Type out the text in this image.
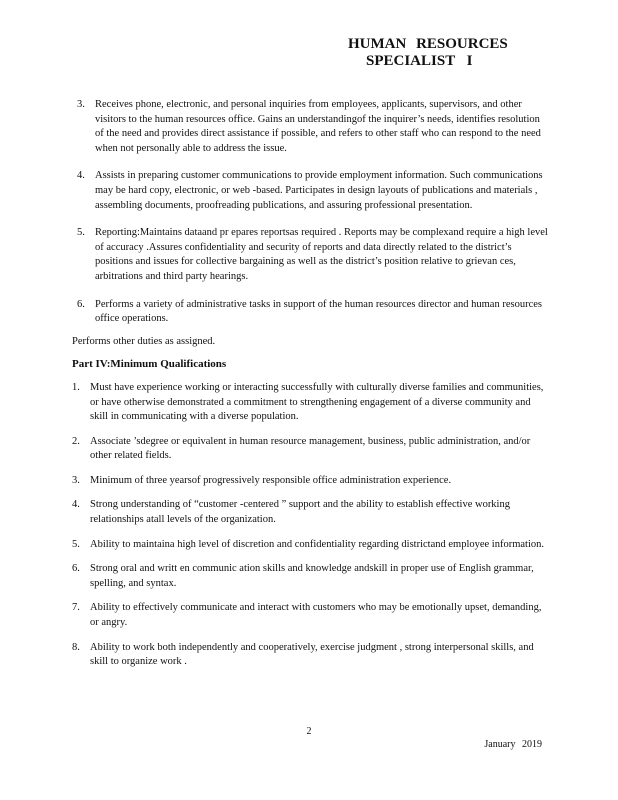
HUMAN RESOURCES
SPECIALIST I
3. Receives phone, electronic, and personal inquiries from employees, applicants, supervisors, and other visitors to the human resources office. Gains an understandingof the inquirer’s needs, identifies resolution of the need and provides direct assistance if possible, and refers to other staff who can respond to the need when not personally able to address the issue.
4. Assists in preparing customer communications to provide employment information. Such communications may be hard copy, electronic, or web -based. Participates in design layouts of publications and materials , assembling documents, proofreading publications, and assuring professional presentation.
5. Reporting:Maintains dataand pr epares reportsas required . Reports may be complexand require a high level of accuracy .Assures confidentiality and security of reports and data directly related to the district’s positions and issues for collective bargaining as well as the district’s position relative to grievan ces, arbitrations and third party hearings.
6. Performs a variety of administrative tasks in support of the human resources director and human resources office operations.
Performs other duties as assigned.
Part IV:Minimum Qualifications
1. Must have experience working or interacting successfully with culturally diverse families and communities, or have otherwise demonstrated a commitment to strengthening engagement of a diverse community and skill in communicating with a diverse population.
2. Associate ’sdegree or equivalent in human resource management, business, public administration, and/or other related fields.
3. Minimum of three yearsof progressively responsible office administration experience.
4. Strong understanding of “customer -centered ” support and the ability to establish effective working relationships atall levels of the organization.
5. Ability to maintaina high level of discretion and confidentiality regarding districtand employee information.
6. Strong oral and writt en communic ation skills and knowledge andskill in proper use of English grammar, spelling, and syntax.
7. Ability to effectively communicate and interact with customers who may be emotionally upset, demanding, or angry.
8. Ability to work both independently and cooperatively, exercise judgment , strong interpersonal skills, and skill to organize work .
2
January 2019
